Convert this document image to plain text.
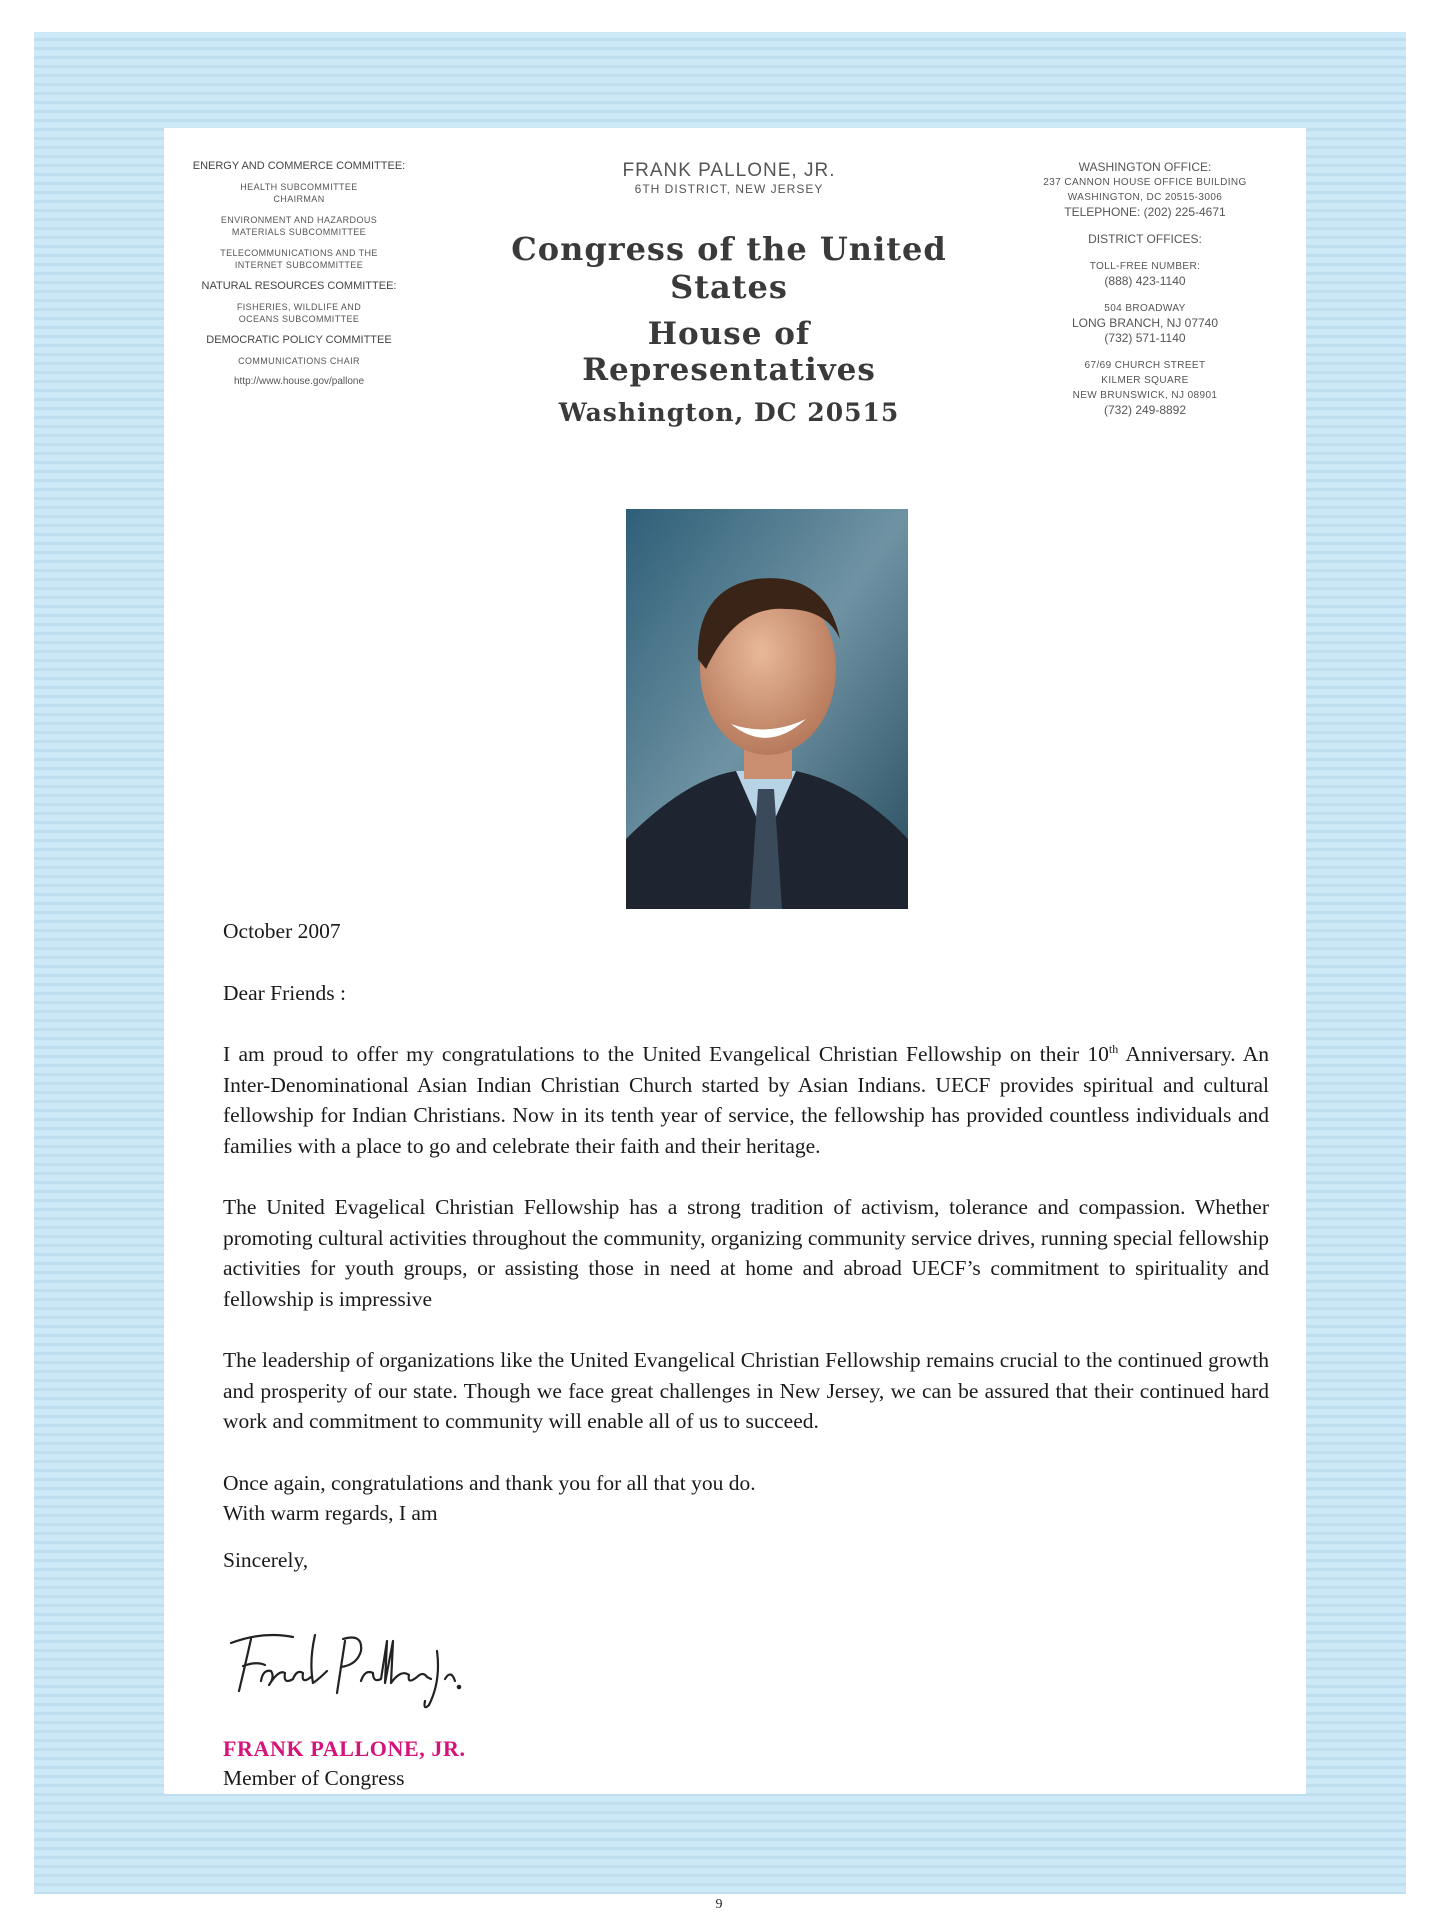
ENERGY AND COMMERCE COMMITTEE:
HEALTH SUBCOMMITTEE
CHAIRMAN
ENVIRONMENT AND HAZARDOUS
MATERIALS SUBCOMMITTEE
TELECOMMUNICATIONS AND THE
INTERNET SUBCOMMITTEE
NATURAL RESOURCES COMMITTEE:
FISHERIES, WILDLIFE AND
OCEANS SUBCOMMITTEE
DEMOCRATIC POLICY COMMITTEE
COMMUNICATIONS CHAIR
http://www.house.gov/pallone
FRANK PALLONE, JR.
6TH DISTRICT, NEW JERSEY
Congress of the United States
House of Representatives
Washington, DC 20515
WASHINGTON OFFICE:
237 CANNON HOUSE OFFICE BUILDING
WASHINGTON, DC 20515-3006
TELEPHONE: (202) 225-4671
DISTRICT OFFICES:
TOLL-FREE NUMBER:
(888) 423-1140
504 BROADWAY
LONG BRANCH, NJ 07740
(732) 571-1140
67/69 CHURCH STREET
KILMER SQUARE
NEW BRUNSWICK, NJ 08901
(732) 249-8892

October 2007

Dear Friends :

I am proud to offer my congratulations to the United Evangelical Christian Fellowship on their 10th Anniversary. An Inter-Denominational Asian Indian Christian Church started by Asian Indians. UECF provides spiritual and cultural fellowship for Indian Christians. Now in its tenth year of service, the fellowship has provided countless individuals and families with a place to go and celebrate their faith and their heritage.

The United Evagelical Christian Fellowship has a strong tradition of activism, tolerance and compassion. Whether promoting cultural activities throughout the community, organizing community service drives, running special fellowship activities for youth groups, or assisting those in need at home and abroad UECF’s commitment to spirituality and fellowship is impressive

The leadership of organizations like the United Evangelical Christian Fellowship remains crucial to the continued growth and prosperity of our state. Though we face great challenges in New Jersey, we can be assured that their continued hard work and commitment to community will enable all of us to succeed.

Once again, congratulations and thank you for all that you do.

With warm regards, I am

Sincerely,

FRANK PALLONE, JR.
Member of Congress
9
